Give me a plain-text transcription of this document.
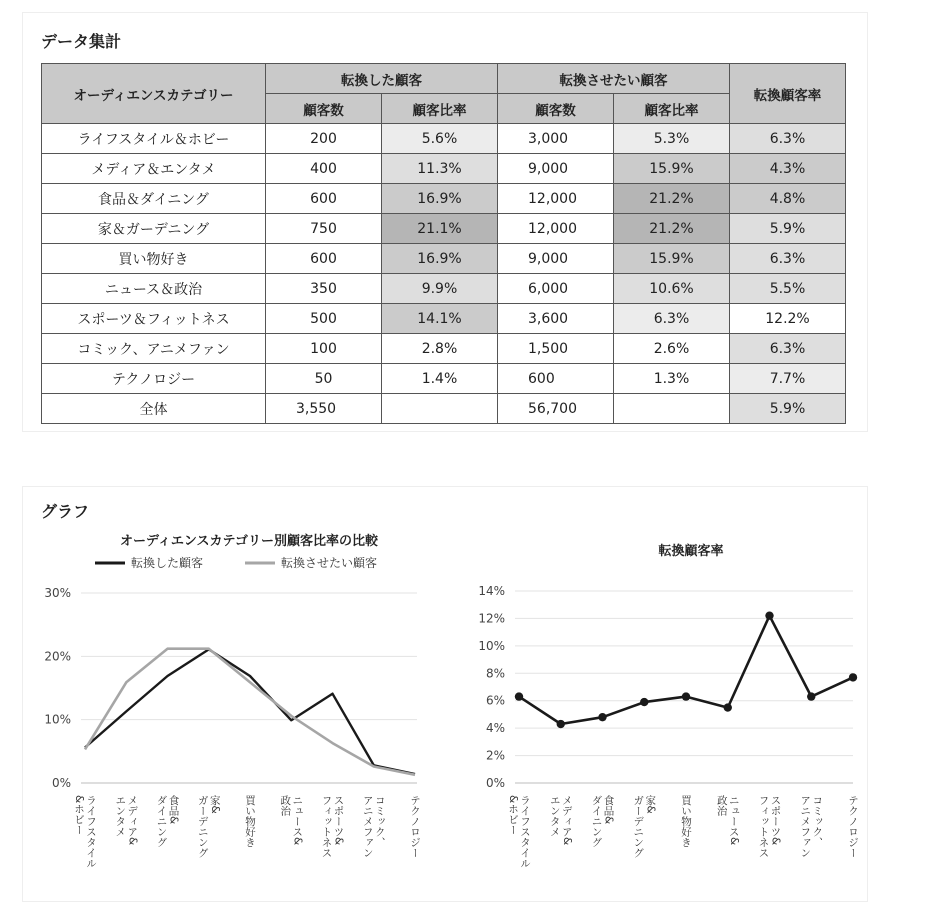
データ集計
オーディエンスカテゴリー	転換した顧客		転換させたい顧客		転換顧客率
	顧客数	顧客比率	顧客数	顧客比率	
ライフスタイル＆ホビー	200	5.6%	3,000	5.3%	6.3%
メディア＆エンタメ	400	11.3%	9,000	15.9%	4.3%
食品＆ダイニング	600	16.9%	12,000	21.2%	4.8%
家＆ガーデニング	750	21.1%	12,000	21.2%	5.9%
買い物好き	600	16.9%	9,000	15.9%	6.3%
ニュース＆政治	350	9.9%	6,000	10.6%	5.5%
スポーツ＆フィットネス	500	14.1%	3,600	6.3%	12.2%
コミック、アニメファン	100	2.8%	1,500	2.6%	6.3%
テクノロジー	50	1.4%	600	1.3%	7.7%
全体	3,550		56,700		5.9%
グラフ
オーディエンスカテゴリー別顧客比率の比較
0%
10%
20%
30%
&ホビー ライフスタイル エンタメ メディア& ダイニング 食品& ガーデニング 家& 買い物好き 政治 ニュース& フィットネス スポーツ& アニメファン コミック、 テクノロジー
転換した顧客	転換させたい顧客
転換顧客率
0%
2%
4%
6%
8%
10%
12%
14%
&ホビー ライフスタイル エンタメ メディア& ダイニング 食品& ガーデニング 家& 買い物好き 政治 ニュース& フィットネス スポーツ& アニメファン コミック、 テクノロジー
